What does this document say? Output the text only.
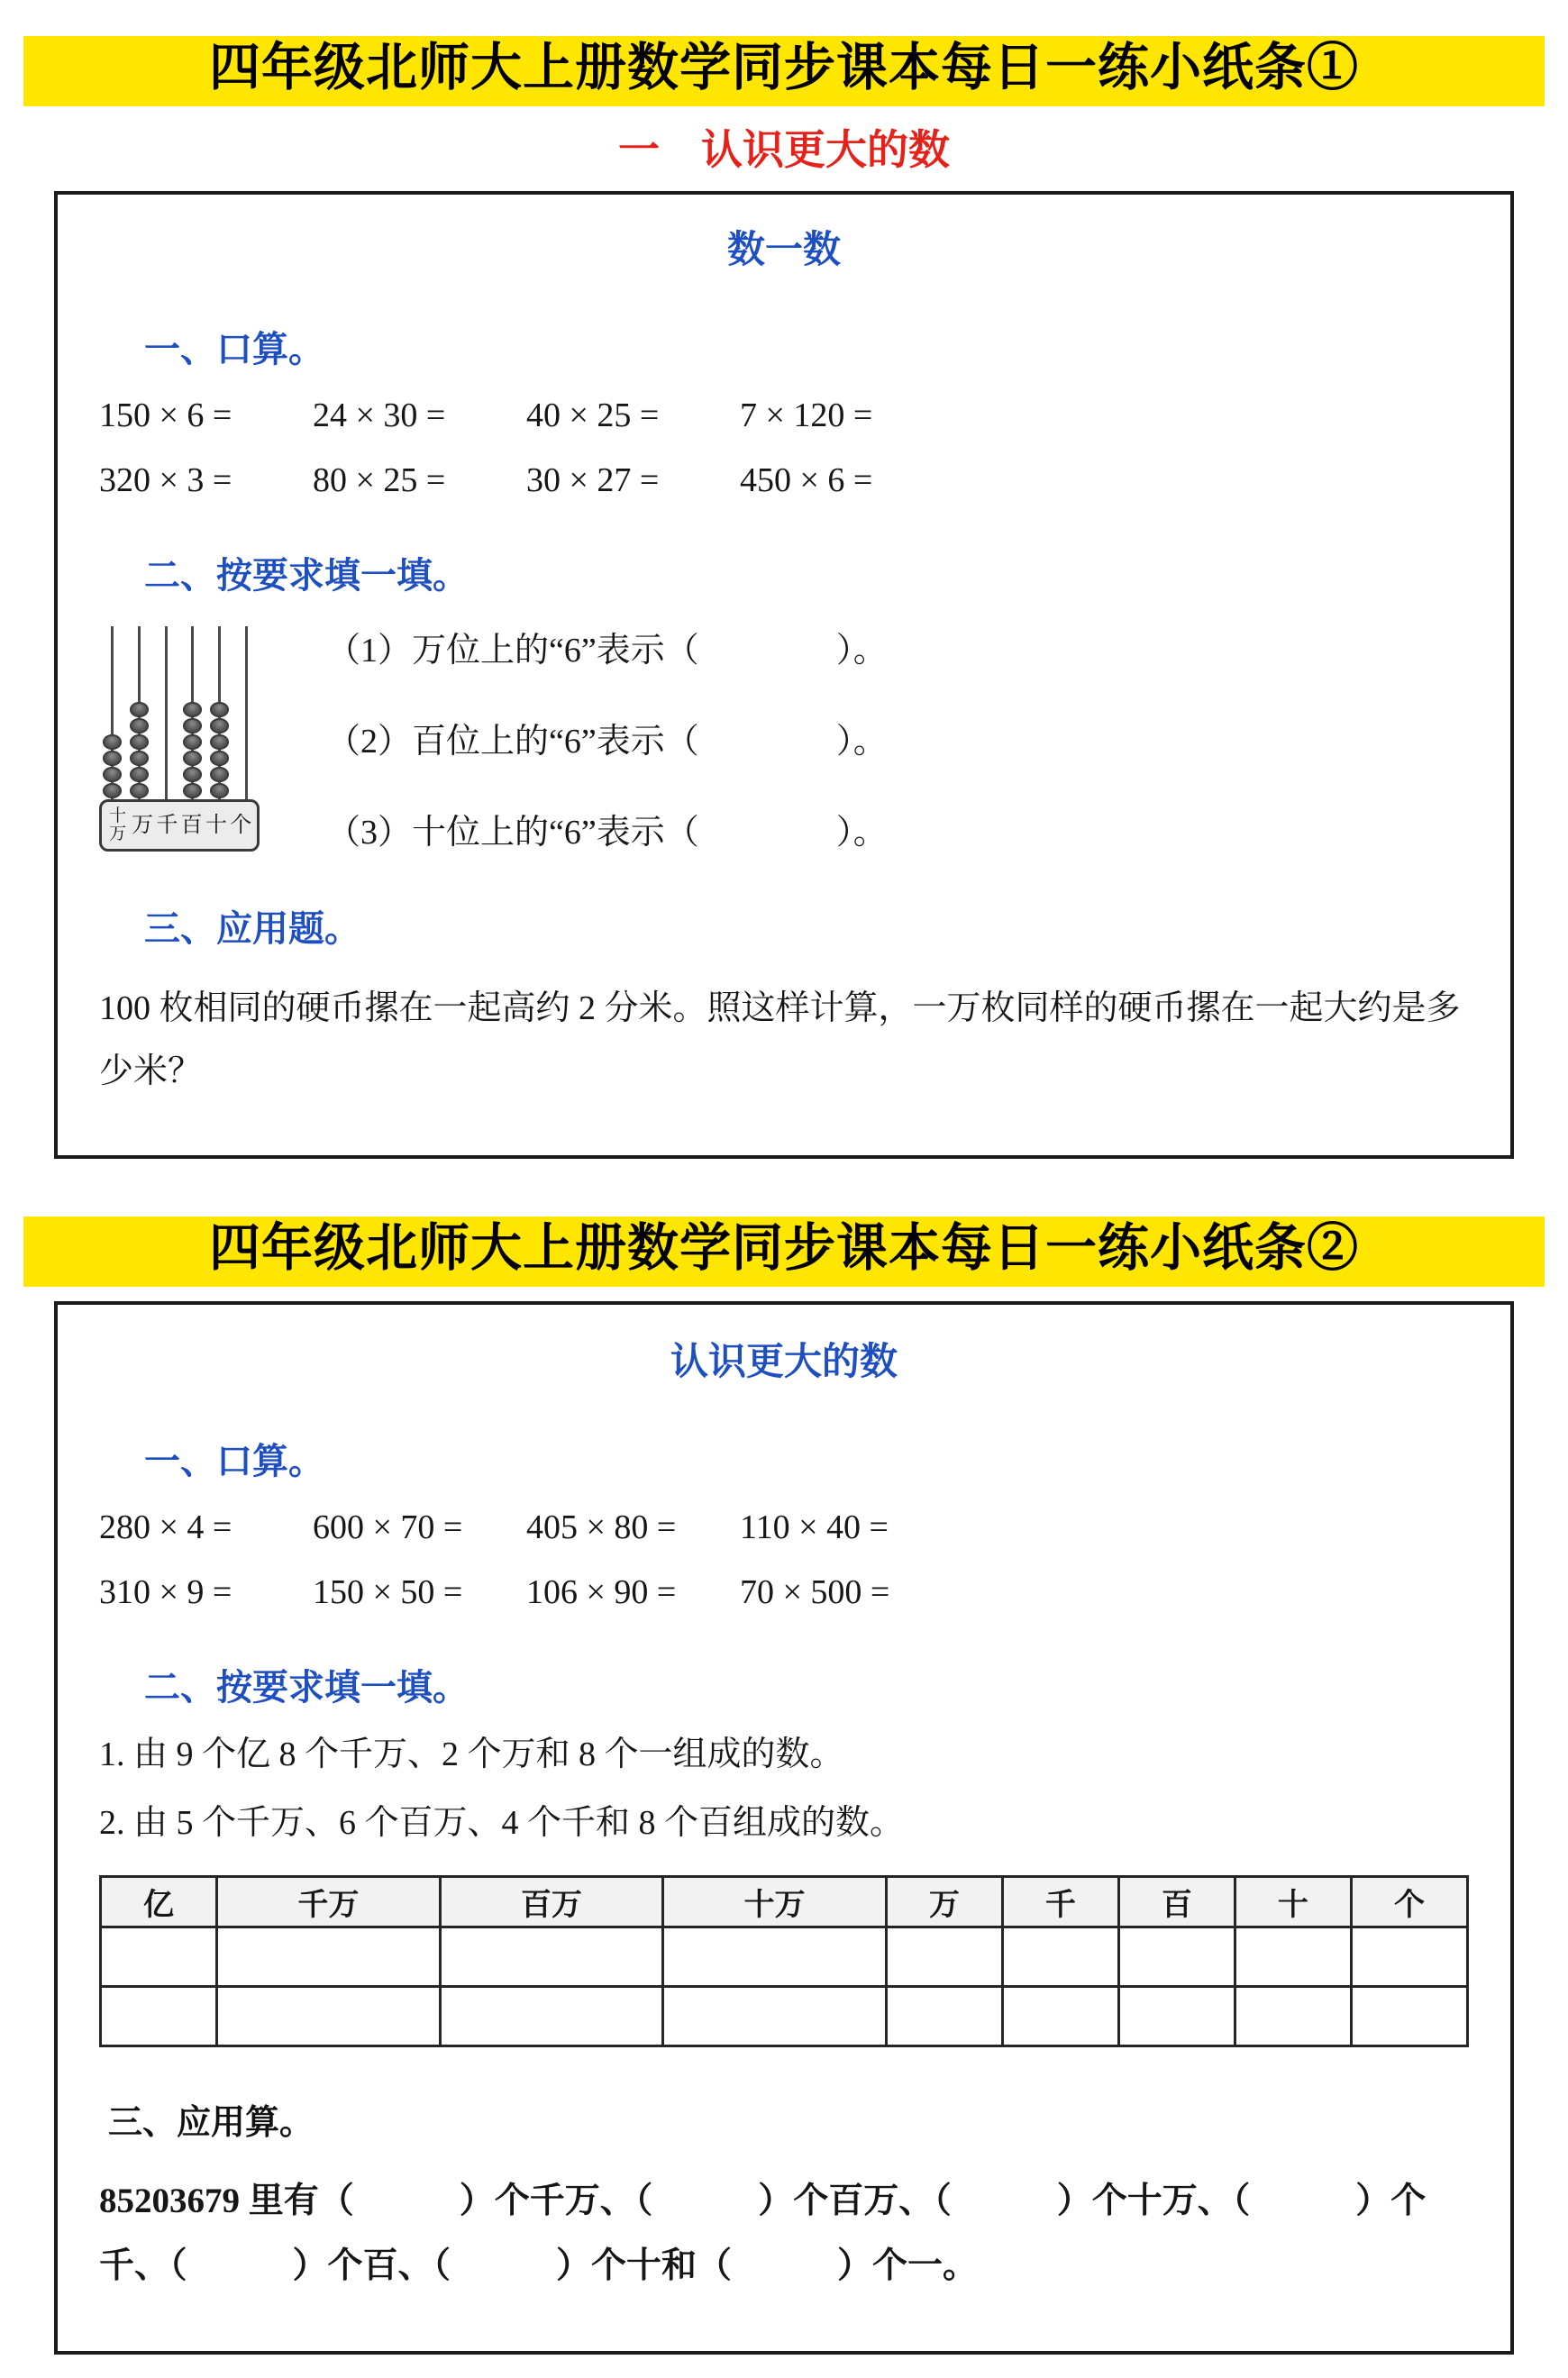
四年级北师大上册数学同步课本每日一练小纸条①
一　认识更大的数
数一数
一、口算。
150 × 6 =	24 × 30 =	40 × 25 =	7 × 120 =
320 × 3 =	80 × 25 =	30 × 27 =	450 × 6 =
二、按要求填一填。
十万 万 千 百 十 个

（1）万位上的“6”表示（　　　　）。

（2）百位上的“6”表示（　　　　）。

（3）十位上的“6”表示（　　　　）。

三、应用题。

100 枚相同的硬币摞在一起高约 2 分米。照这样计算，一万枚同样的硬币摞在一起大约是多少米？

四年级北师大上册数学同步课本每日一练小纸条②
认识更大的数
一、口算。
280 × 4 =	600 × 70 =	405 × 80 =	110 × 40 =
310 × 9 =	150 × 50 =	106 × 90 =	70 × 500 =
二、按要求填一填。

1. 由 9 个亿 8 个千万、2 个万和 8 个一组成的数。

2. 由 5 个千万、6 个百万、4 个千和 8 个百组成的数。

亿	千万	百万	十万	万	千	百	十	个

三、应用算。

85203679 里有（　　　）个千万、（　　　）个百万、（　　　）个十万、（　　　）个千、（　　　）个百、（　　　）个十和（　　　）个一。
